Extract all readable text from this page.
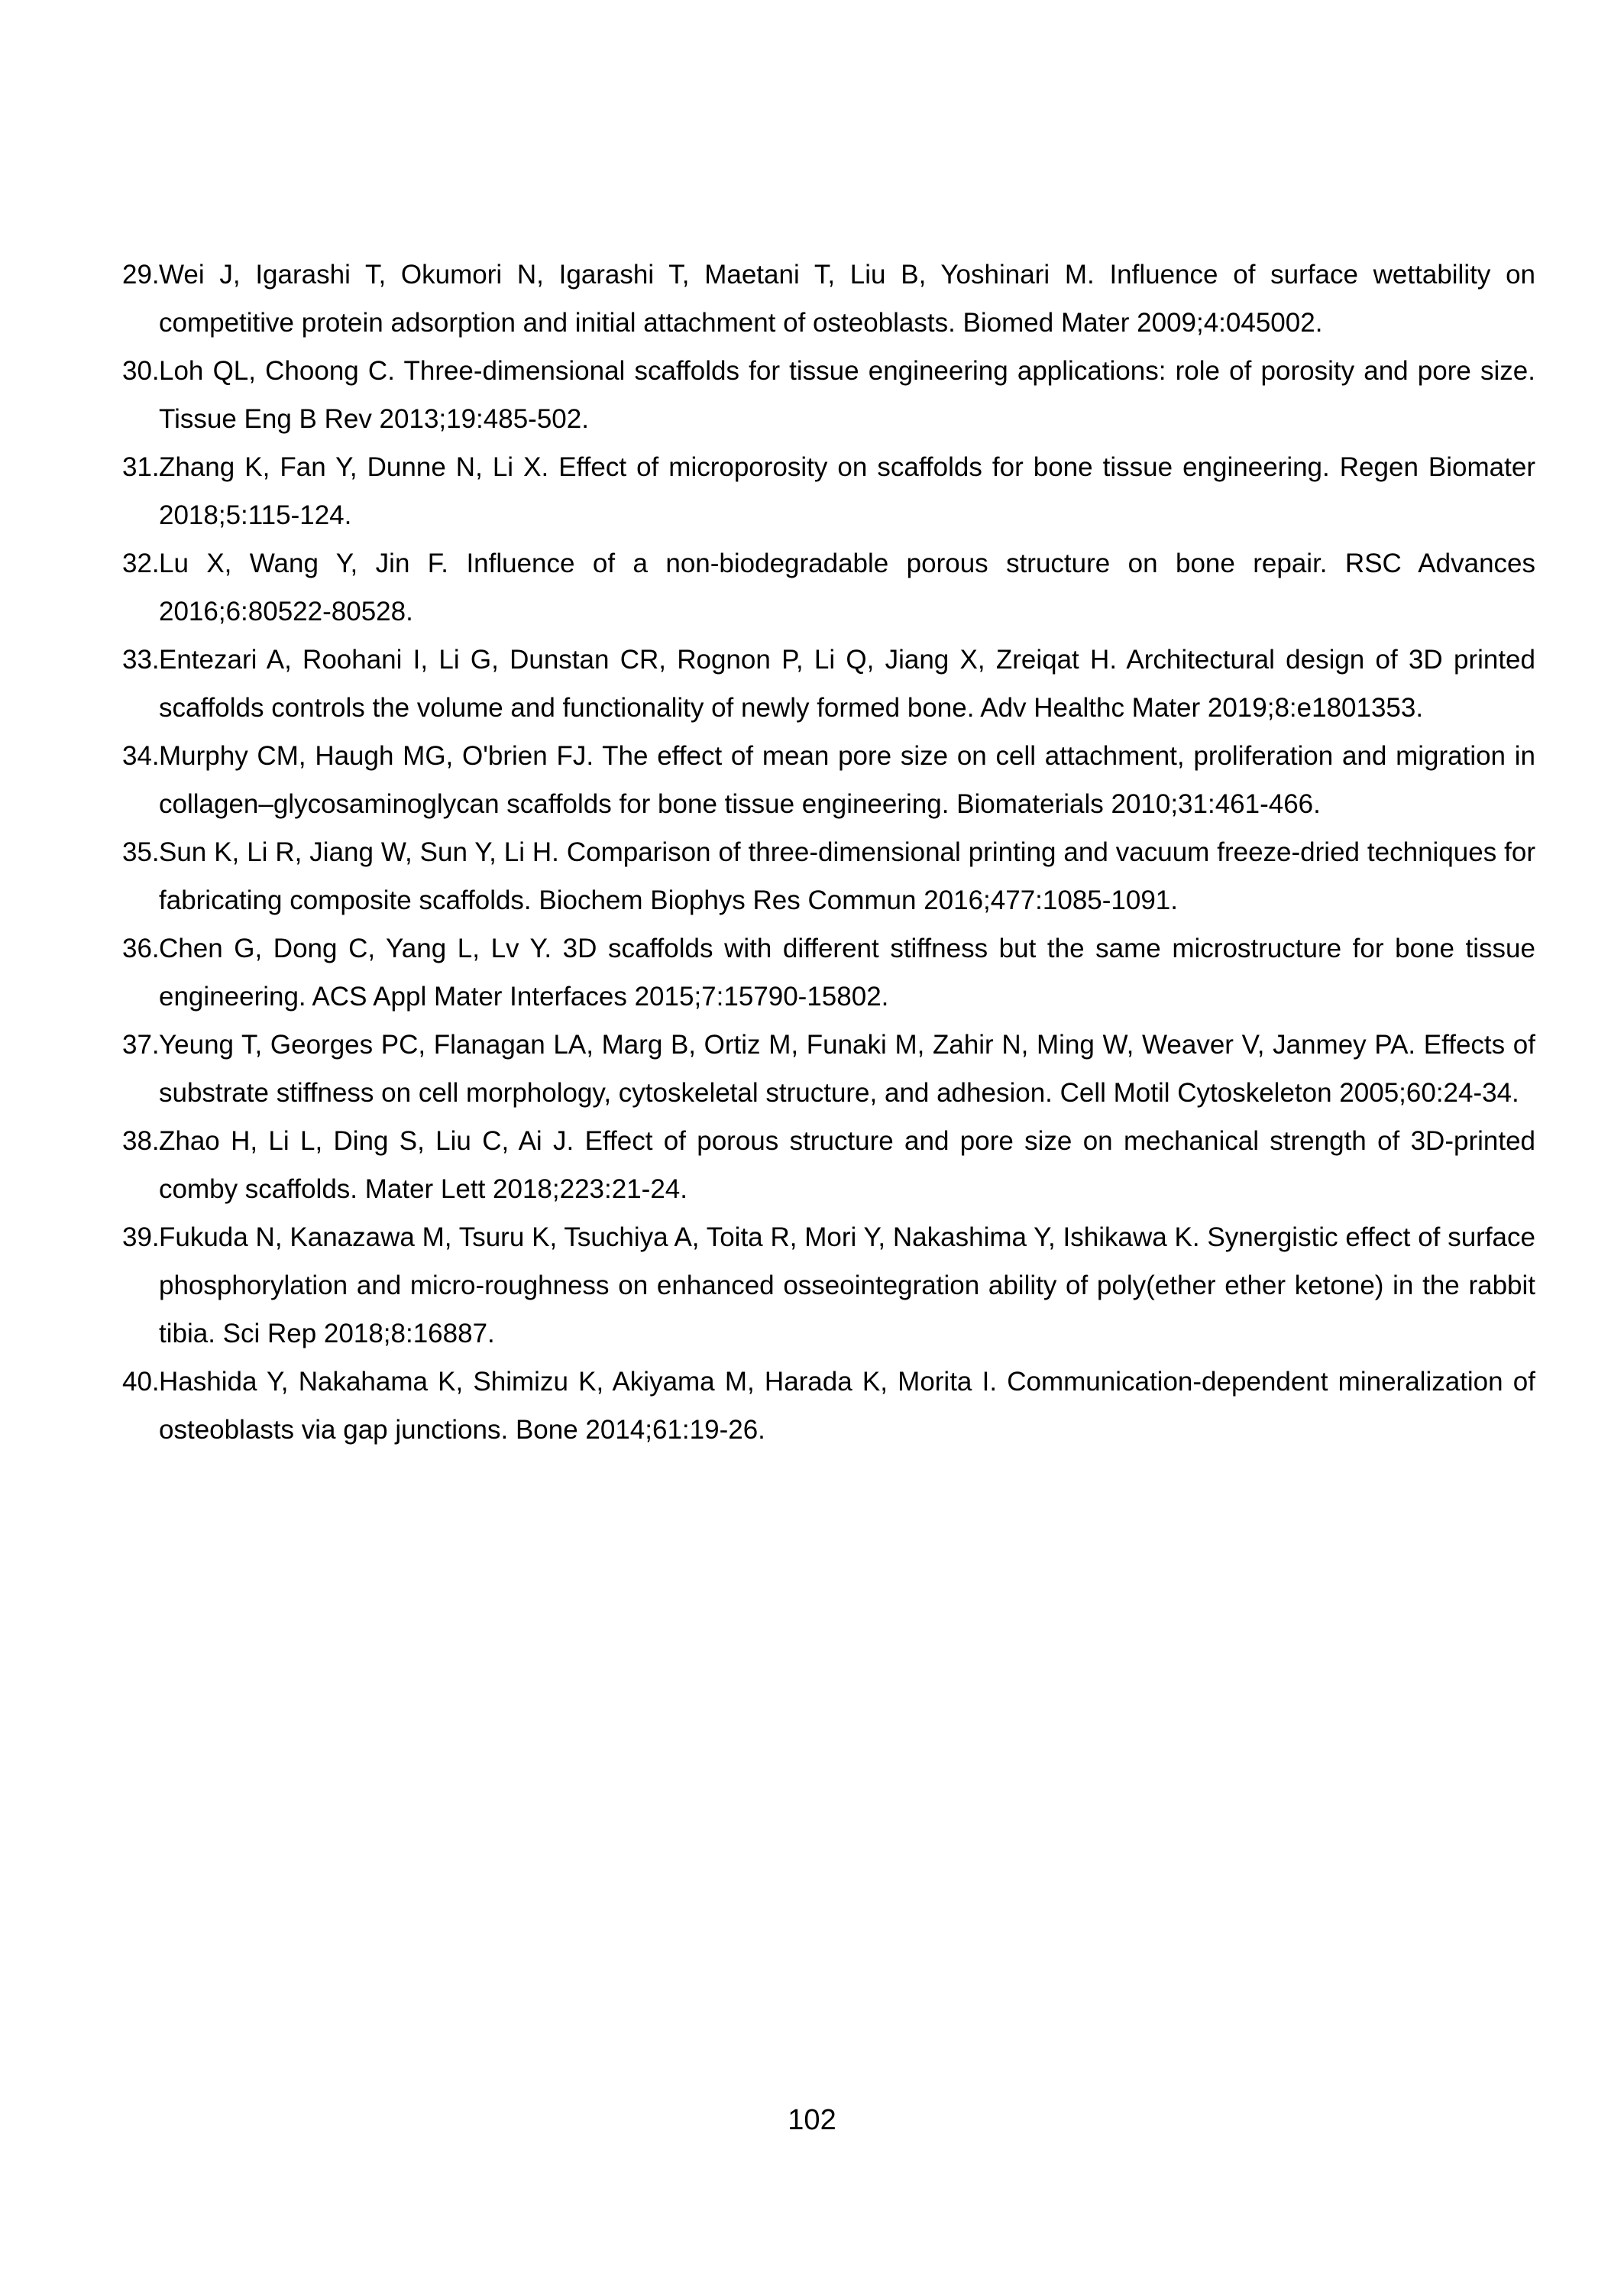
29. Wei J, Igarashi T, Okumori N, Igarashi T, Maetani T, Liu B, Yoshinari M. Influence of surface wettability on competitive protein adsorption and initial attachment of osteoblasts. Biomed Mater 2009;4:045002.
30. Loh QL, Choong C. Three-dimensional scaffolds for tissue engineering applications: role of porosity and pore size. Tissue Eng B Rev 2013;19:485-502.
31. Zhang K, Fan Y, Dunne N, Li X. Effect of microporosity on scaffolds for bone tissue engineering. Regen Biomater 2018;5:115-124.
32. Lu X, Wang Y, Jin F. Influence of a non-biodegradable porous structure on bone repair. RSC Advances 2016;6:80522-80528.
33. Entezari A, Roohani I, Li G, Dunstan CR, Rognon P, Li Q, Jiang X, Zreiqat H. Architectural design of 3D printed scaffolds controls the volume and functionality of newly formed bone. Adv Healthc Mater 2019;8:e1801353.
34. Murphy CM, Haugh MG, O'brien FJ. The effect of mean pore size on cell attachment, proliferation and migration in collagen–glycosaminoglycan scaffolds for bone tissue engineering. Biomaterials 2010;31:461-466.
35. Sun K, Li R, Jiang W, Sun Y, Li H. Comparison of three-dimensional printing and vacuum freeze-dried techniques for fabricating composite scaffolds. Biochem Biophys Res Commun 2016;477:1085-1091.
36. Chen G, Dong C, Yang L, Lv Y. 3D scaffolds with different stiffness but the same microstructure for bone tissue engineering. ACS Appl Mater Interfaces 2015;7:15790-15802.
37. Yeung T, Georges PC, Flanagan LA, Marg B, Ortiz M, Funaki M, Zahir N, Ming W, Weaver V, Janmey PA. Effects of substrate stiffness on cell morphology, cytoskeletal structure, and adhesion. Cell Motil Cytoskeleton 2005;60:24-34.
38. Zhao H, Li L, Ding S, Liu C, Ai J. Effect of porous structure and pore size on mechanical strength of 3D-printed comby scaffolds. Mater Lett 2018;223:21-24.
39. Fukuda N, Kanazawa M, Tsuru K, Tsuchiya A, Toita R, Mori Y, Nakashima Y, Ishikawa K. Synergistic effect of surface phosphorylation and micro-roughness on enhanced osseointegration ability of poly(ether ether ketone) in the rabbit tibia. Sci Rep 2018;8:16887.
40. Hashida Y, Nakahama K, Shimizu K, Akiyama M, Harada K, Morita I. Communication-dependent mineralization of osteoblasts via gap junctions. Bone 2014;61:19-26.
102
